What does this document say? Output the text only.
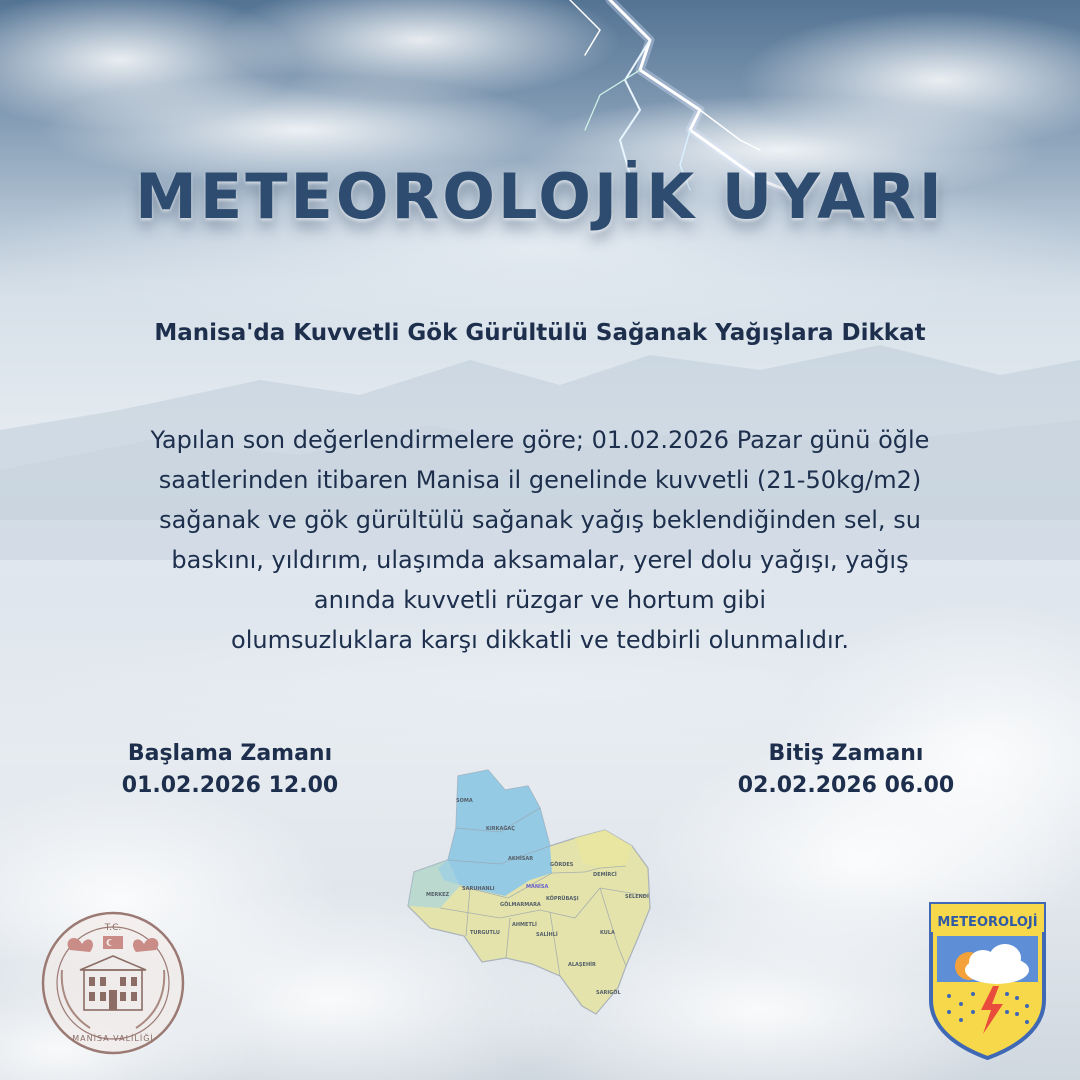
METEOROLOJİK UYARI
Manisa'da Kuvvetli Gök Gürültülü Sağanak Yağışlara Dikkat

Yapılan son değerlendirmelere göre; 01.02.2026 Pazar günü öğle
saatlerinden itibaren Manisa il genelinde kuvvetli (21-50kg/m2)
sağanak ve gök gürültülü sağanak yağış beklendiğinden sel, su
baskını, yıldırım, ulaşımda aksamalar, yerel dolu yağışı, yağış
anında kuvvetli rüzgar ve hortum gibi
olumsuzluklara karşı dikkatli ve tedbirli olunmalıdır.

Başlama Zamanı
01.02.2026 12.00
Bitiş Zamanı
02.02.2026 06.00
SOMA
KIRKAĞAÇ
AKHİSAR
GÖRDES
DEMİRCİ
MERKEZ
SARUHANLI	MANİSA
KÖPRÜBAŞI	SELENDİ
GÖLMARMARA
TURGUTLU
AHMETLİ
SALİHLİ	KULA
ALAŞEHİR
SARIGÖL
T.C.
MANİSA VALİLİĞİ
METEOROLOJİ
